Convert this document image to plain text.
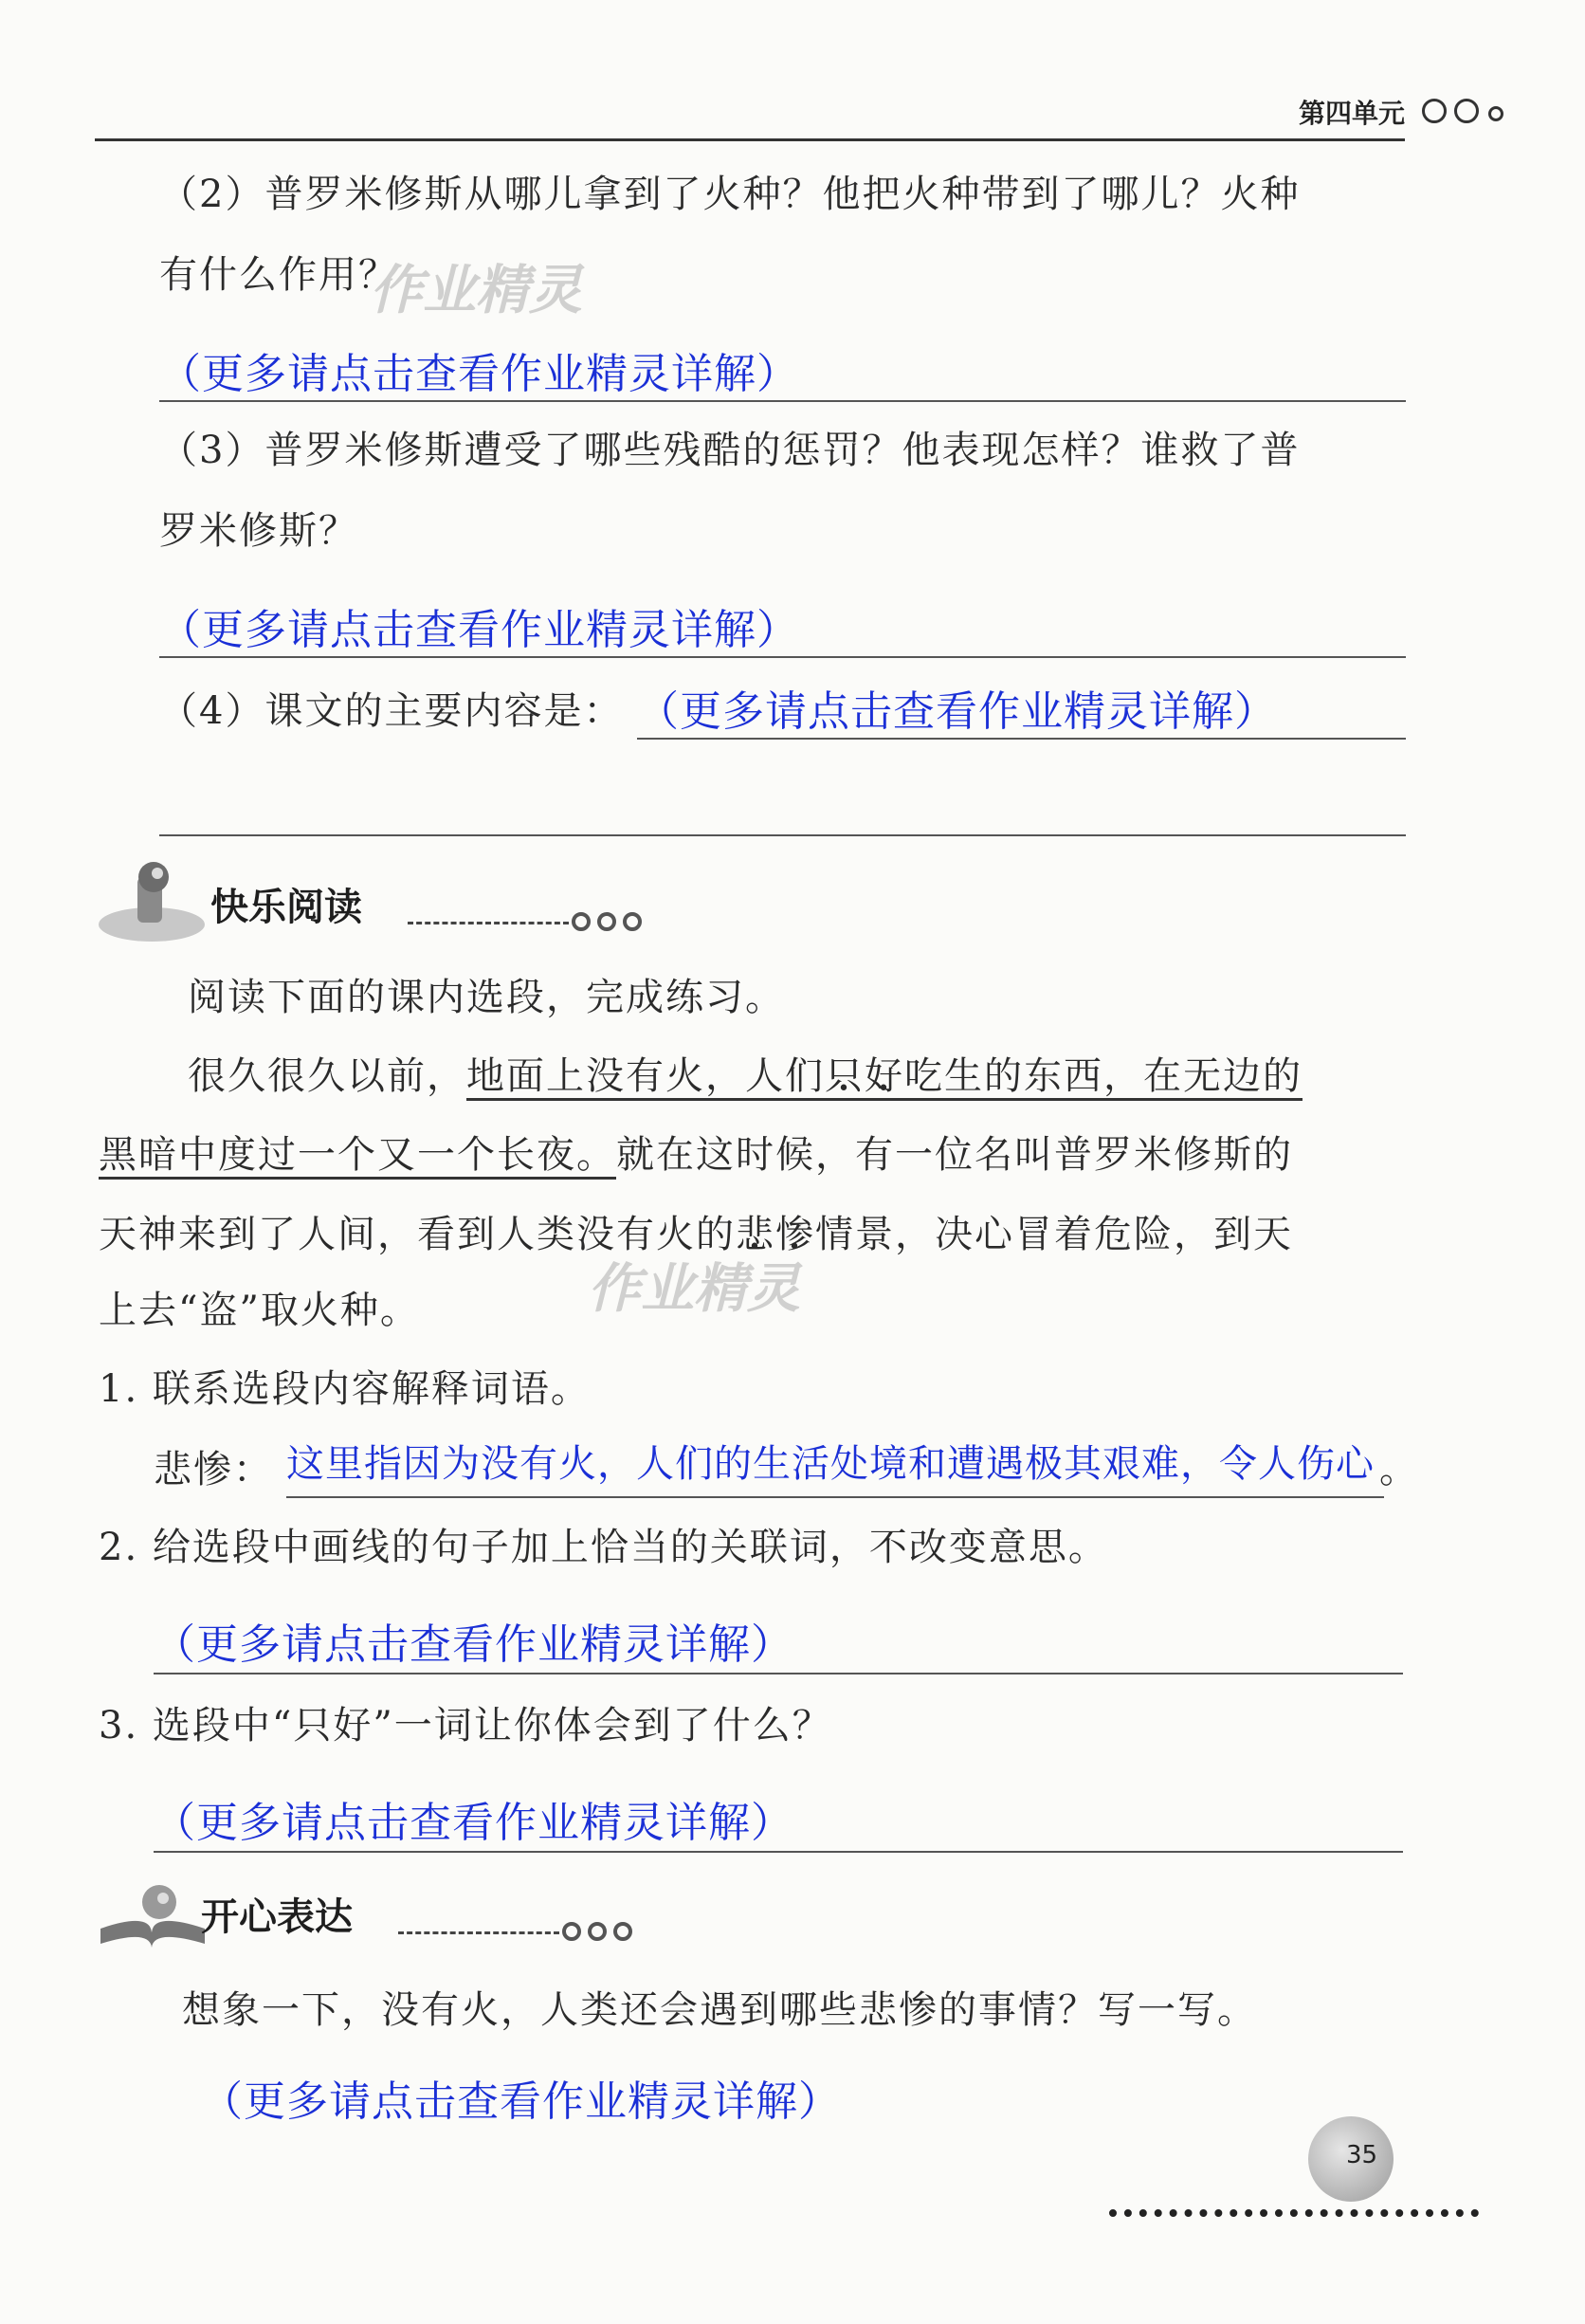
第四单元
（2）普罗米修斯从哪儿拿到了火种？他把火种带到了哪儿？火种
有什么作用？
作业精灵
（更多请点击查看作业精灵详解）
（3）普罗米修斯遭受了哪些残酷的惩罚？他表现怎样？谁救了普
罗米修斯？
（更多请点击查看作业精灵详解）
（4）课文的主要内容是： （更多请点击查看作业精灵详解）
快乐阅读
阅读下面的课内选段，完成练习。
很久很久以前，地面上没有火，人们只好吃生的东西，在无边的
黑暗中度过一个又一个长夜。就在这时候，有一位名叫普罗米修斯的
天神来到了人间，看到人类没有火的悲惨情景，决心冒着危险，到天
作业精灵
上去“盗”取火种。
1. 联系选段内容解释词语。
悲惨： 这里指因为没有火，人们的生活处境和遭遇极其艰难，令人伤心 。
2. 给选段中画线的句子加上恰当的关联词，不改变意思。
（更多请点击查看作业精灵详解）
3. 选段中“只好”一词让你体会到了什么？
（更多请点击查看作业精灵详解）
开心表达
想象一下，没有火，人类还会遇到哪些悲惨的事情？写一写。
（更多请点击查看作业精灵详解）
35
